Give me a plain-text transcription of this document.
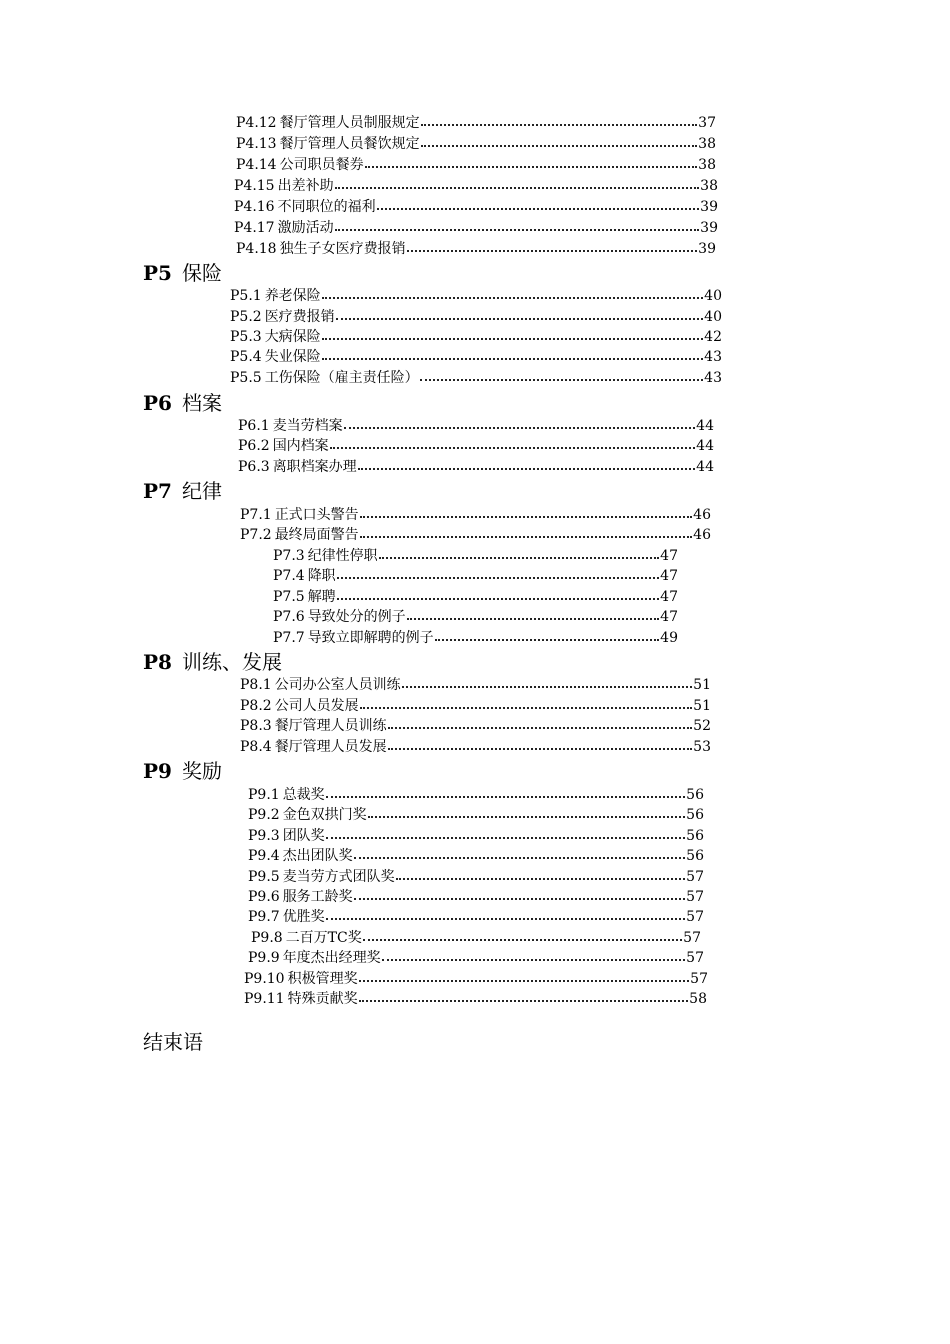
P4.12 餐厅管理人员制服规定	37
P4.13 餐厅管理人员餐饮规定	38
P4.14 公司职员餐券	38
P4.15 出差补助	38
P4.16 不同职位的福利	39
P4.17 激励活动	39
P4.18 独生子女医疗费报销	39
P5 保险
P5.1 养老保险	40
P5.2 医疗费报销	40
P5.3 大病保险	42
P5.4 失业保险	43
P5.5 工伤保险（雇主责任险）	43
P6 档案
P6.1 麦当劳档案	44
P6.2 国内档案	44
P6.3 离职档案办理	44
P7 纪律
P7.1 正式口头警告	46
P7.2 最终局面警告	46
P7.3 纪律性停职	47
P7.4 降职	47
P7.5 解聘	47
P7.6 导致处分的例子	47
P7.7 导致立即解聘的例子	49
P8 训练、发展
P8.1 公司办公室人员训练	51
P8.2 公司人员发展	51
P8.3 餐厅管理人员训练	52
P8.4 餐厅管理人员发展	53
P9 奖励
P9.1 总裁奖	56
P9.2 金色双拱门奖	56
P9.3 团队奖	56
P9.4 杰出团队奖	56
P9.5 麦当劳方式团队奖	57
P9.6 服务工龄奖	57
P9.7 优胜奖	57
P9.8 二百万TC奖	57
P9.9 年度杰出经理奖	57
P9.10 积极管理奖	57
P9.11 特殊贡献奖	58
结束语
